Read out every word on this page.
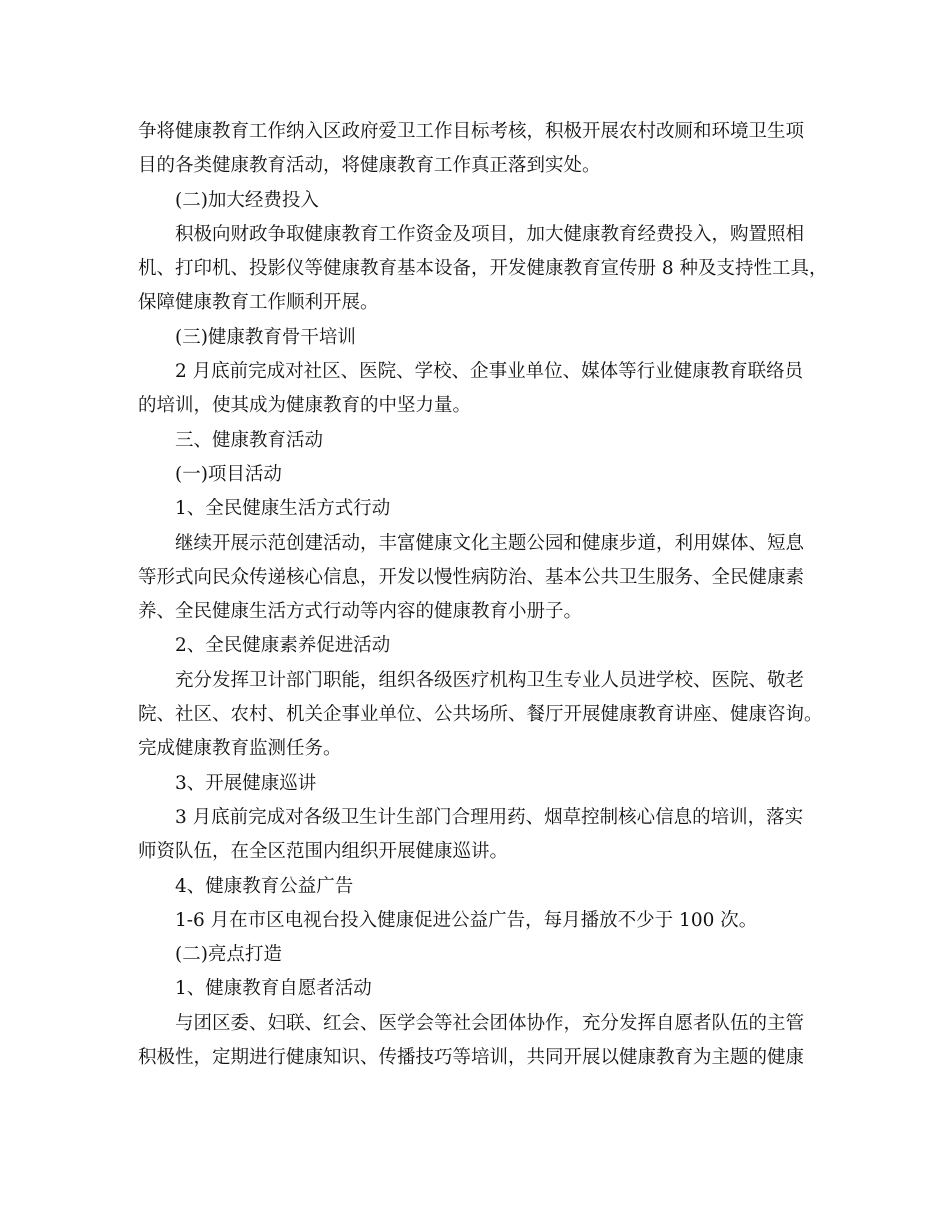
争将健康教育工作纳入区政府爱卫工作目标考核，积极开展农村改厕和环境卫生项
目的各类健康教育活动，将健康教育工作真正落到实处。
(二)加大经费投入
积极向财政争取健康教育工作资金及项目，加大健康教育经费投入，购置照相
机、打印机、投影仪等健康教育基本设备，开发健康教育宣传册 8 种及支持性工具，
保障健康教育工作顺利开展。
(三)健康教育骨干培训
2 月底前完成对社区、医院、学校、企事业单位、媒体等行业健康教育联络员
的培训，使其成为健康教育的中坚力量。
三、健康教育活动
(一)项目活动
1、全民健康生活方式行动
继续开展示范创建活动，丰富健康文化主题公园和健康步道，利用媒体、短息
等形式向民众传递核心信息，开发以慢性病防治、基本公共卫生服务、全民健康素
养、全民健康生活方式行动等内容的健康教育小册子。
2、全民健康素养促进活动
充分发挥卫计部门职能，组织各级医疗机构卫生专业人员进学校、医院、敬老
院、社区、农村、机关企事业单位、公共场所、餐厅开展健康教育讲座、健康咨询。
完成健康教育监测任务。
3、开展健康巡讲
3 月底前完成对各级卫生计生部门合理用药、烟草控制核心信息的培训，落实
师资队伍，在全区范围内组织开展健康巡讲。
4、健康教育公益广告
1-6 月在市区电视台投入健康促进公益广告，每月播放不少于 100 次。
(二)亮点打造
1、健康教育自愿者活动
与团区委、妇联、红会、医学会等社会团体协作，充分发挥自愿者队伍的主管
积极性，定期进行健康知识、传播技巧等培训，共同开展以健康教育为主题的健康
